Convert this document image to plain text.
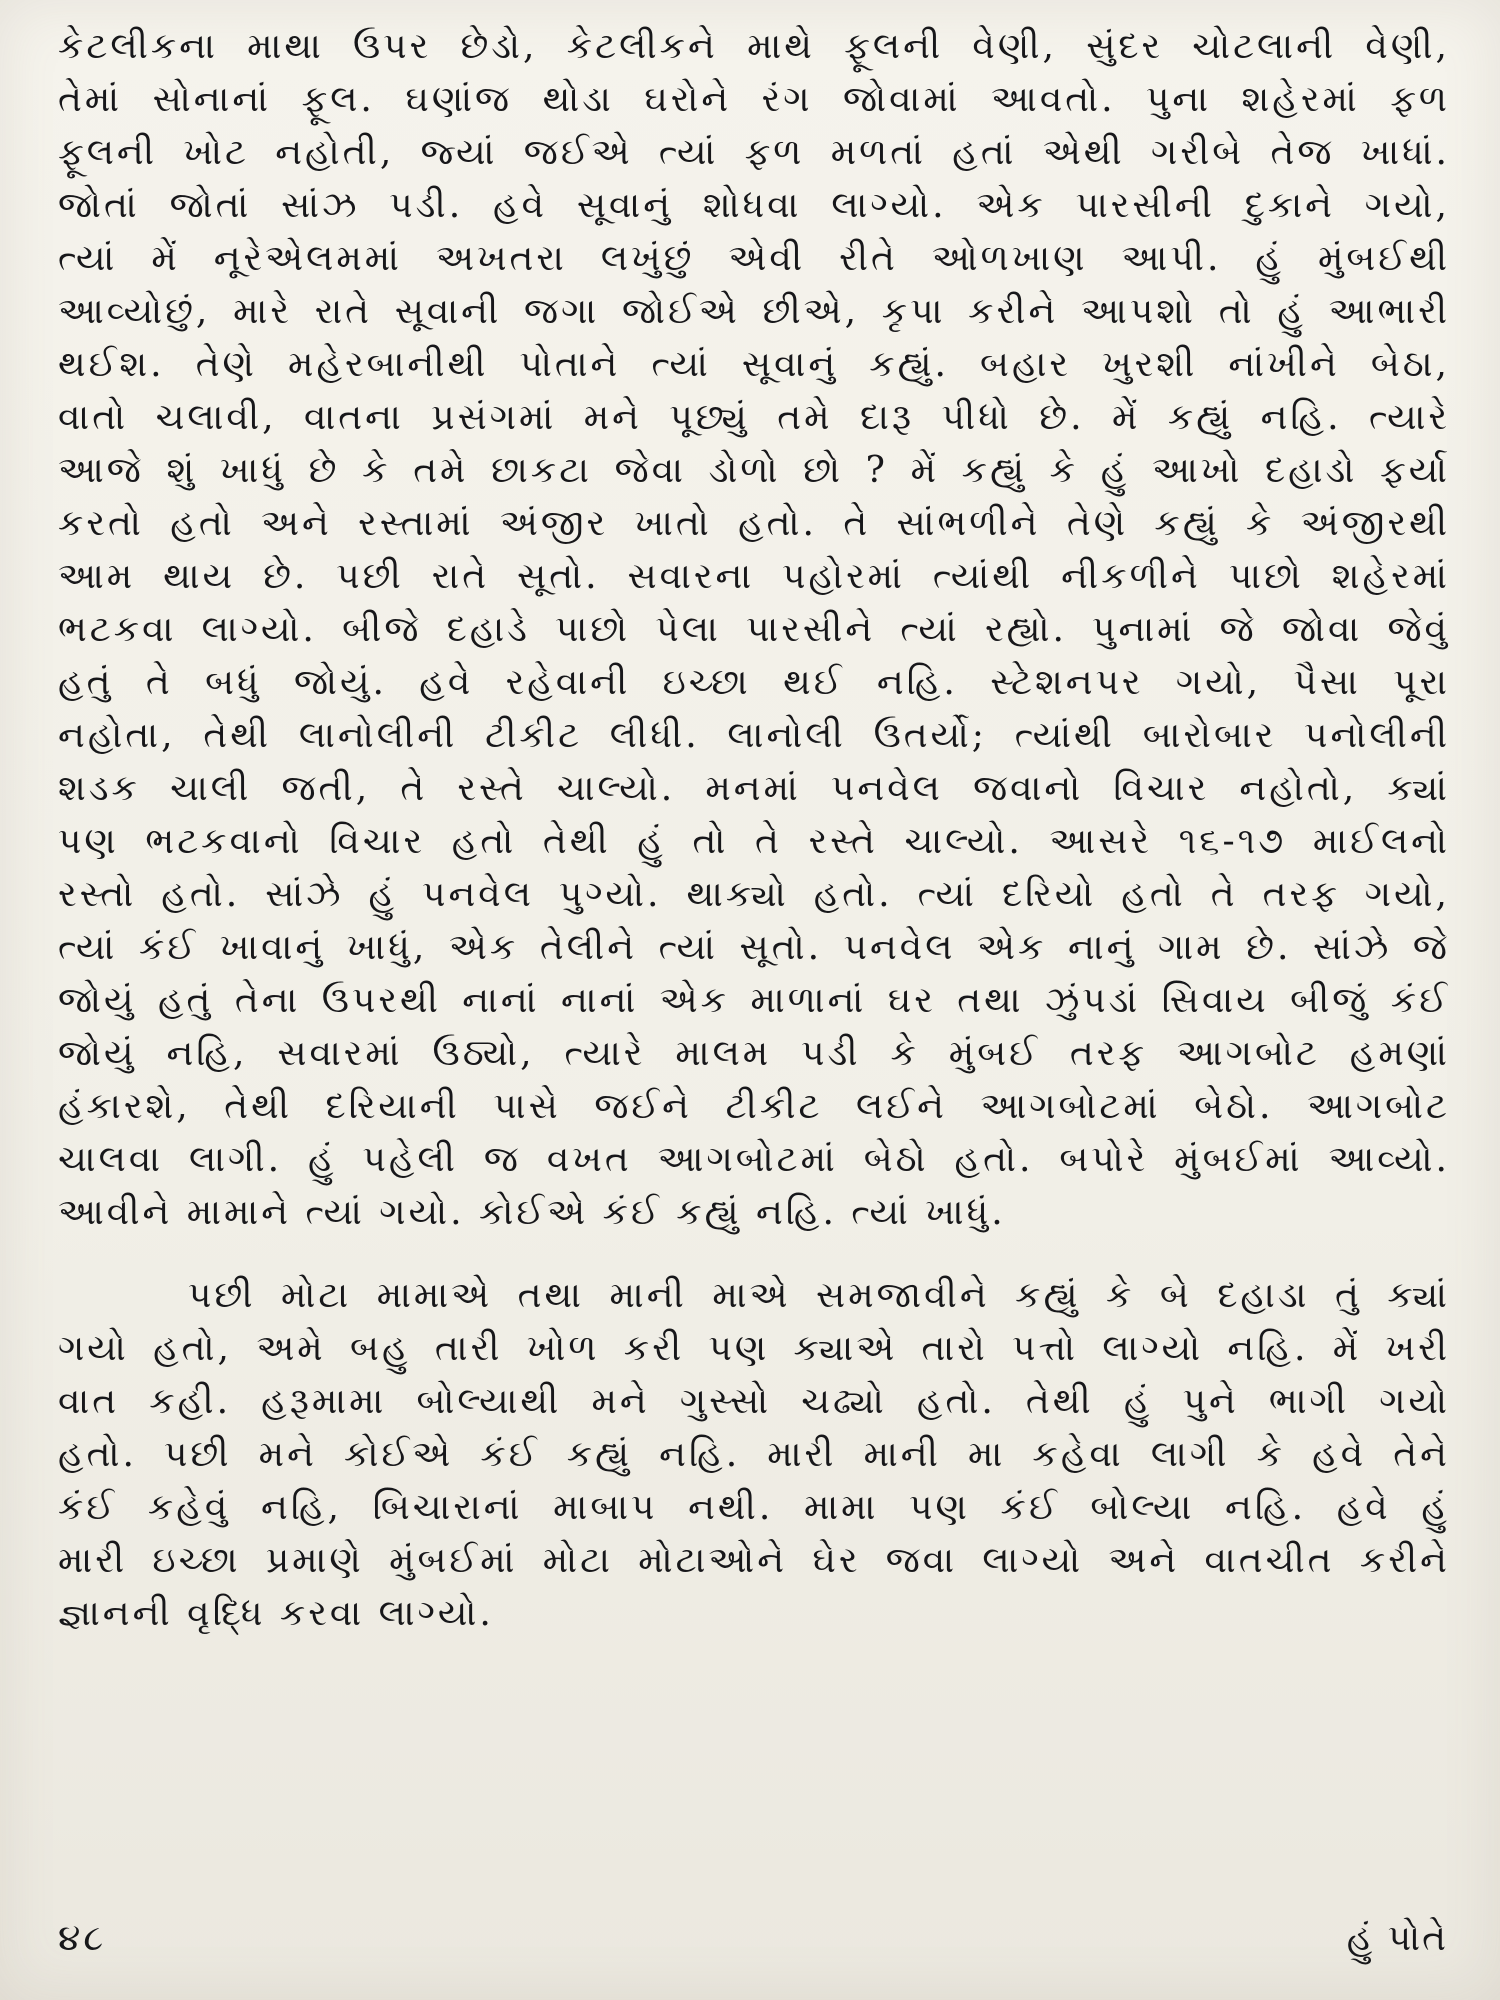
કેટલીકના માથા ઉપર છેડો, કેટલીકને માથે ફૂલની વેણી, સુંદર ચોટલાની વેણી,
તેમાં સોનાનાં ફૂલ. ઘણાંજ થોડા ઘરોને રંગ જોવામાં આવતો. પુના શહેરમાં ફળ
ફૂલની ખોટ નહોતી, જ્યાં જઈએ ત્યાં ફળ મળતાં હતાં એથી ગરીબે તેજ ખાધાં.
જોતાં જોતાં સાંઝ પડી. હવે સૂવાનું શોધવા લાગ્યો. એક પારસીની દુકાને ગયો,
ત્યાં મેં નૂરેએલમમાં અખતરા લખુંછું એવી રીતે ઓળખાણ આપી. હું મુંબઈથી
આવ્યોછું, મારે રાતે સૂવાની જગા જોઈએ છીએ, કૃપા કરીને આપશો તો હું આભારી
થઈશ. તેણે મહેરબાનીથી પોતાને ત્યાં સૂવાનું કહ્યું. બહાર ખુરશી નાંખીને બેઠા,
વાતો ચલાવી, વાતના પ્રસંગમાં મને પૂછ્યું તમે દારૂ પીધો છે. મેં કહ્યું નહિ. ત્યારે
આજે શું ખાધું છે કે તમે છાકટા જેવા ડોળો છો ? મેં કહ્યું કે હું આખો દહાડો ફર્યા
કરતો હતો અને રસ્તામાં અંજીર ખાતો હતો. તે સાંભળીને તેણે કહ્યું કે અંજીરથી
આમ થાય છે. પછી રાતે સૂતો. સવારના પહોરમાં ત્યાંથી નીકળીને પાછો શહેરમાં
ભટકવા લાગ્યો. બીજે દહાડે પાછો પેલા પારસીને ત્યાં રહ્યો. પુનામાં જે જોવા જેવું
હતું તે બધું જોયું. હવે રહેવાની ઇચ્છા થઈ નહિ. સ્ટેશનપર ગયો, પૈસા પૂરા
નહોતા, તેથી લાનોલીની ટીકીટ લીધી. લાનોલી ઉતર્યો; ત્યાંથી બારોબાર પનોલીની
શડક ચાલી જતી, તે રસ્તે ચાલ્યો. મનમાં પનવેલ જવાનો વિચાર નહોતો, ક્યાં
પણ ભટકવાનો વિચાર હતો તેથી હું તો તે રસ્તે ચાલ્યો. આસરે ૧૬-૧૭ માઈલનો
રસ્તો હતો. સાંઝે હું પનવેલ પુગ્યો. થાક્યો હતો. ત્યાં દરિયો હતો તે તરફ ગયો,
ત્યાં કંઈ ખાવાનું ખાધું, એક તેલીને ત્યાં સૂતો. પનવેલ એક નાનું ગામ છે. સાંઝે જે
જોયું હતું તેના ઉપરથી નાનાં નાનાં એક માળાનાં ઘર તથા ઝુંપડાં સિવાય બીજું કંઈ
જોયું નહિ, સવારમાં ઉઠ્યો, ત્યારે માલમ પડી કે મુંબઈ તરફ આગબોટ હમણાં
હંકારશે, તેથી દરિયાની પાસે જઈને ટીકીટ લઈને આગબોટમાં બેઠો. આગબોટ
ચાલવા લાગી. હું પહેલી જ વખત આગબોટમાં બેઠો હતો. બપોરે મુંબઈમાં આવ્યો.
આવીને મામાને ત્યાં ગયો. કોઈએ કંઈ કહ્યું નહિ. ત્યાં ખાધું.
પછી મોટા મામાએ તથા માની માએ સમજાવીને કહ્યું કે બે દહાડા તું ક્યાં
ગયો હતો, અમે બહુ તારી ખોળ કરી પણ ક્યાએ તારો પત્તો લાગ્યો નહિ. મેં ખરી
વાત કહી. હરૂમામા બોલ્યાથી મને ગુસ્સો ચઢ્યો હતો. તેથી હું પુને ભાગી ગયો
હતો. પછી મને કોઈએ કંઈ કહ્યું નહિ. મારી માની મા કહેવા લાગી કે હવે તેને
કંઈ કહેવું નહિ, બિચારાનાં માબાપ નથી. મામા પણ કંઈ બોલ્યા નહિ. હવે હું
મારી ઇચ્છા પ્રમાણે મુંબઈમાં મોટા મોટાઓને ઘેર જવા લાગ્યો અને વાતચીત કરીને
જ્ઞાનની વૃદ્ધિ કરવા લાગ્યો.
૪૮	હું પોતે
